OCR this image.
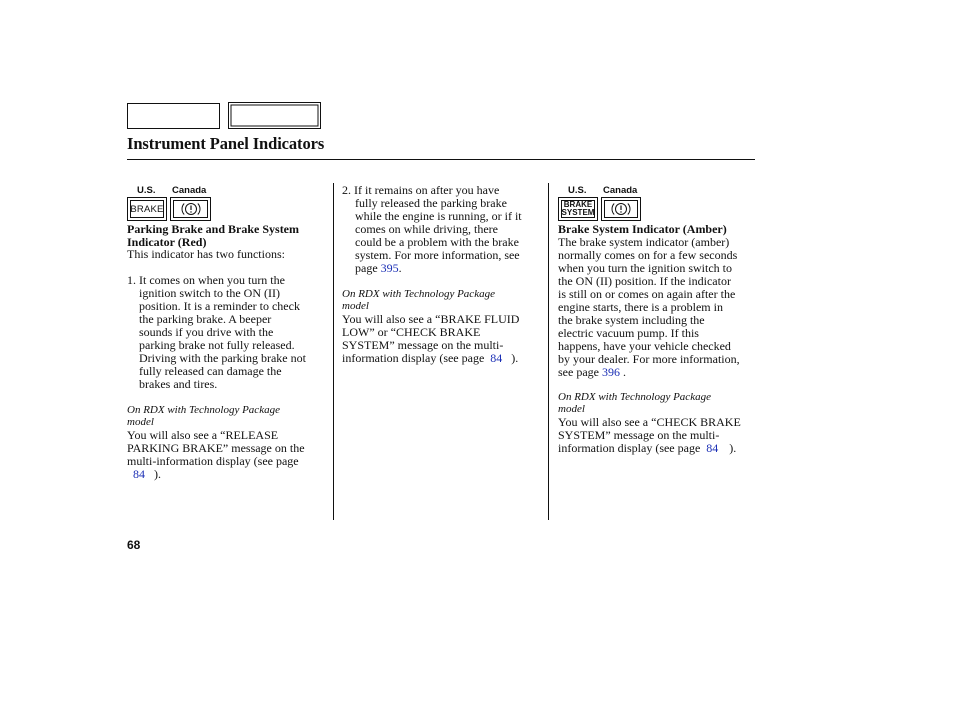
Instrument Panel Indicators
U.S. Canada
BRAKE
Parking Brake and Brake System Indicator (Red)
This indicator has two functions:
1. It comes on when you turn the
ignition switch to the ON (II)
position. It is a reminder to check
the parking brake. A beeper
sounds if you drive with the
parking brake not fully released.
Driving with the parking brake not
fully released can damage the
brakes and tires.
On RDX with Technology Package
model
You will also see a “RELEASE
PARKING BRAKE” message on the
multi-information display (see page
84 ).
2. If it remains on after you have
fully released the parking brake
while the engine is running, or if it
comes on while driving, there
could be a problem with the brake
system. For more information, see
page 395.
On RDX with Technology Package
model
You will also see a “BRAKE FLUID
LOW” or “CHECK BRAKE
SYSTEM” message on the multi-
information display (see page 84 ).
U.S. Canada
BRAKE
SYSTEM
Brake System Indicator (Amber)
The brake system indicator (amber)
normally comes on for a few seconds
when you turn the ignition switch to
the ON (II) position. If the indicator
is still on or comes on again after the
engine starts, there is a problem in
the brake system including the
electric vacuum pump. If this
happens, have your vehicle checked
by your dealer. For more information,
see page 396 .
On RDX with Technology Package
model
You will also see a “CHECK BRAKE
SYSTEM” message on the multi-
information display (see page 84 ).
68
